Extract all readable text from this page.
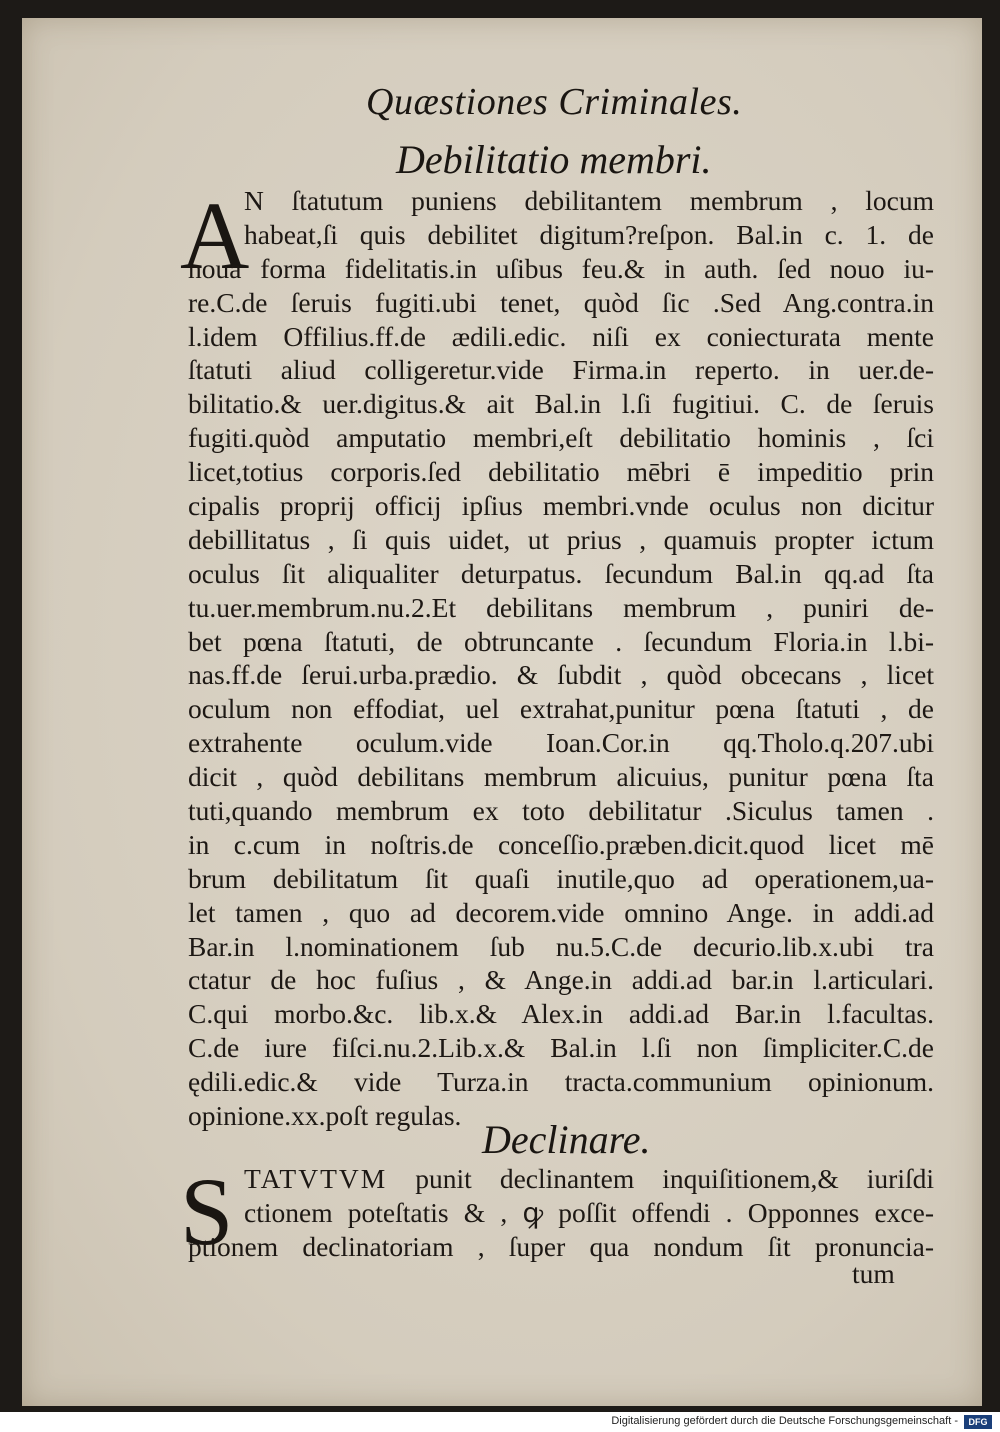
Quæstiones Criminales.
Debilitatio membri.
A
N ſtatutum puniens debilitantem membrum , locum
habeat,ſi quis debilitet digitum?reſpon. Bal.in c. 1. de
noua forma fidelitatis.in uſibus feu.& in auth. ſed nouo iu-
re.C.de ſeruis fugiti.ubi tenet, quòd ſic .Sed Ang.contra.in
l.idem Offilius.ff.de ædili.edic. niſi ex coniecturata mente
ſtatuti aliud colligeretur.vide Firma.in reperto. in uer.de-
bilitatio.& uer.digitus.& ait Bal.in l.ſi fugitiui. C. de ſeruis
fugiti.quòd amputatio membri,eſt debilitatio hominis , ſci
licet,totius corporis.ſed debilitatio mēbri ē impeditio prin
cipalis proprij officij ipſius membri.vnde oculus non dicitur
debillitatus , ſi quis uidet, ut prius , quamuis propter ictum
oculus ſit aliqualiter deturpatus. ſecundum Bal.in qq.ad ſta
tu.uer.membrum.nu.2.Et debilitans membrum , puniri de-
bet pœna ſtatuti, de obtruncante . ſecundum Floria.in l.bi-
nas.ff.de ſerui.urba.prædio. & ſubdit , quòd obcecans , licet
oculum non effodiat, uel extrahat,punitur pœna ſtatuti , de
extrahente oculum.vide Ioan.Cor.in qq.Tholo.q.207.ubi
dicit , quòd debilitans membrum alicuius, punitur pœna ſta
tuti,quando membrum ex toto debilitatur .Siculus tamen .
in c.cum in noſtris.de conceſſio.præben.dicit.quod licet mē
brum debilitatum ſit quaſi inutile,quo ad operationem,ua-
let tamen , quo ad decorem.vide omnino Ange. in addi.ad
Bar.in l.nominationem ſub nu.5.C.de decurio.lib.x.ubi tra
ctatur de hoc fuſius , & Ange.in addi.ad bar.in l.articulari.
C.qui morbo.&c. lib.x.& Alex.in addi.ad Bar.in l.facultas.
C.de iure fiſci.nu.2.Lib.x.& Bal.in l.ſi non ſimpliciter.C.de
ędili.edic.& vide Turza.in tracta.communium opinionum.
opinione.xx.poſt regulas.
Declinare.
S TATVTVM punit declinantem inquiſitionem,& iuriſdi
ctionem poteſtatis & , ꝙ poſſit offendi . Opponnes exce-
ptionem declinatoriam , ſuper qua nondum ſit pronuncia-
tum
Digitalisierung gefördert durch die Deutsche Forschungsgemeinschaft -	DFG
